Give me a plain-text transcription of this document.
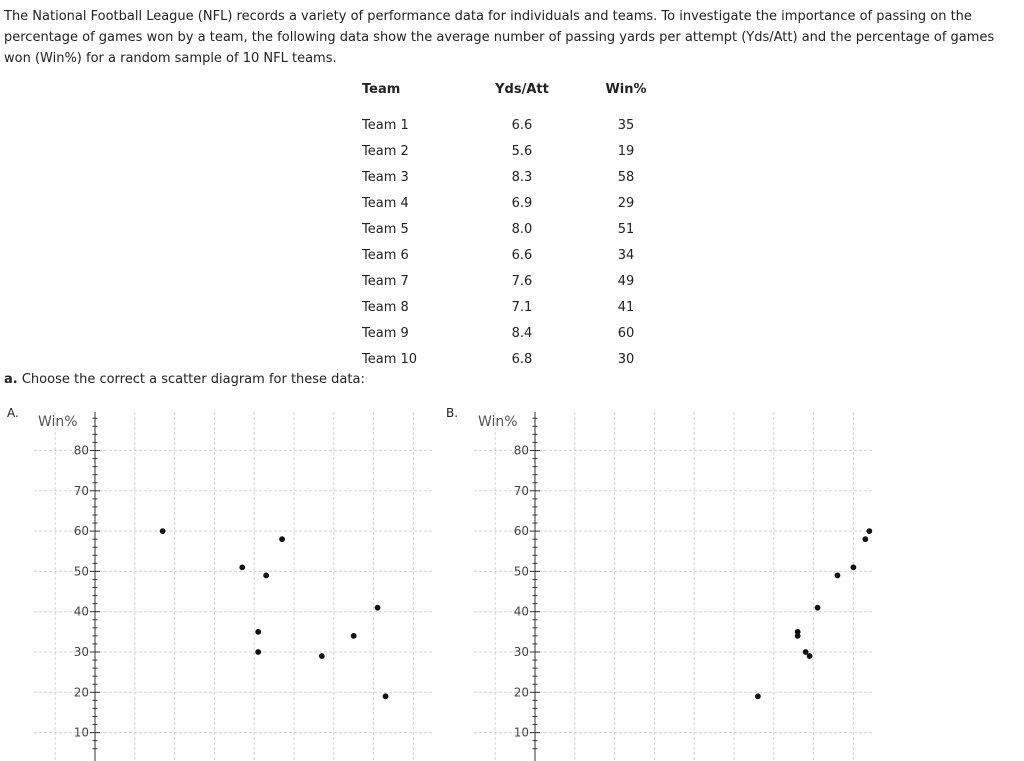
The National Football League (NFL) records a variety of performance data for individuals and teams. To investigate the importance of passing on the percentage of games won by a team, the following data show the average number of passing yards per attempt (Yds/Att) and the percentage of games won (Win%) for a random sample of 10 NFL teams.

Team	Yds/Att	Win%

Team 1	6.6	35
Team 2	5.6	19
Team 3	8.3	58
Team 4	6.9	29
Team 5	8.0	51
Team 6	6.6	34
Team 7	7.6	49
Team 8	7.1	41
Team 9	8.4	60
Team 10	6.8	30

a. Choose the correct a scatter diagram for these data:

A.	B.
10
20
30
40
50
60
70
80
Win%
10
20
30
40
50
60
70
80
Win%
